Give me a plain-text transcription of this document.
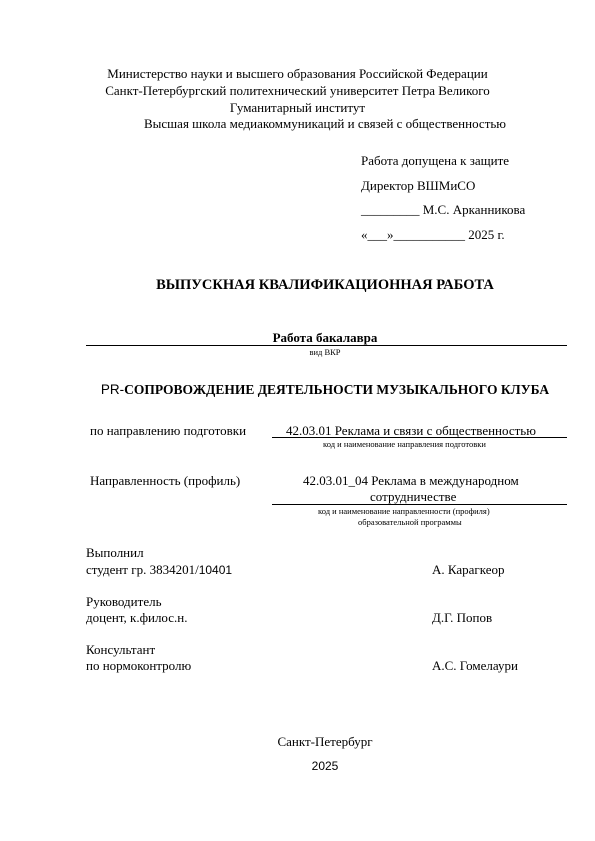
Министерство науки и высшего образования Российской Федерации
Санкт-Петербургский политехнический университет Петра Великого
Гуманитарный институт
Высшая школа медиакоммуникаций и связей с общественностью
Работа допущена к защите
Директор ВШМиСО
_________ М.С. Арканникова
«___»___________ 2025 г.
ВЫПУСКНАЯ КВАЛИФИКАЦИОННАЯ РАБОТА
Работа бакалавра
вид ВКР
PR-СОПРОВОЖДЕНИЕ ДЕЯТЕЛЬНОСТИ МУЗЫКАЛЬНОГО КЛУБА
по направлению подготовки	42.03.01 Реклама и связи с общественностью
код и наименование направления подготовки
Направленность (профиль)	42.03.01_04 Реклама в международном
сотрудничестве
код и наименование направленности (профиля)
образовательной программы
Выполнил
студент гр. 3834201/10401	А. Карагкеор
Руководитель
доцент, к.филос.н.	Д.Г. Попов
Консультант
по нормоконтролю	А.С. Гомелаури
Санкт-Петербург
2025
